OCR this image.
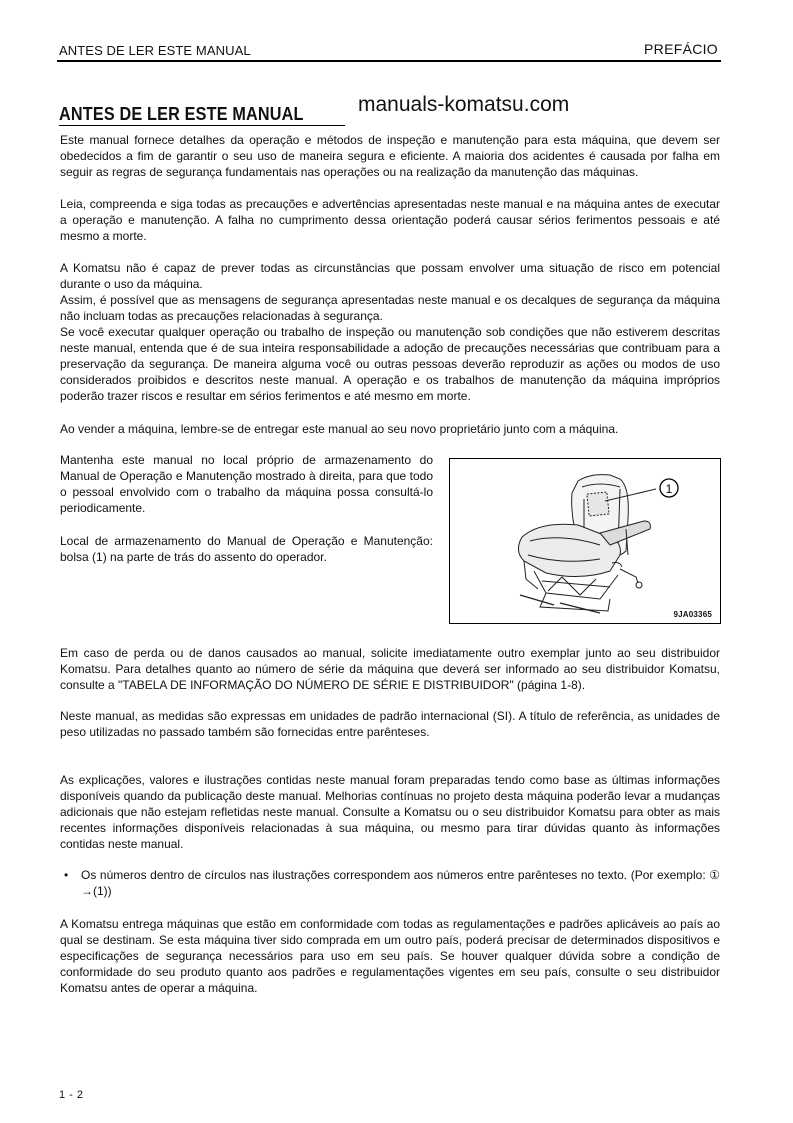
ANTES DE LER ESTE MANUAL	PREFÁCIO
ANTES DE LER ESTE MANUAL	manuals-komatsu.com

Este manual fornece detalhes da operação e métodos de inspeção e manutenção para esta máquina, que devem ser obedecidos a fim de garantir o seu uso de maneira segura e eficiente. A maioria dos acidentes é causada por falha em seguir as regras de segurança fundamentais nas operações ou na realização da manutenção das máquinas.

Leia, compreenda e siga todas as precauções e advertências apresentadas neste manual e na máquina antes de executar a operação e manutenção. A falha no cumprimento dessa orientação poderá causar sérios ferimentos pessoais e até mesmo a morte.

A Komatsu não é capaz de prever todas as circunstâncias que possam envolver uma situação de risco em potencial durante o uso da máquina.

Assim, é possível que as mensagens de segurança apresentadas neste manual e os decalques de segurança da máquina não incluam todas as precauções relacionadas à segurança.

Se você executar qualquer operação ou trabalho de inspeção ou manutenção sob condições que não estiverem descritas neste manual, entenda que é de sua inteira responsabilidade a adoção de precauções necessárias que contribuam para a preservação da segurança. De maneira alguma você ou outras pessoas deverão reproduzir as ações ou modos de uso considerados proibidos e descritos neste manual. A operação e os trabalhos de manutenção da máquina impróprios poderão trazer riscos e resultar em sérios ferimentos e até mesmo em morte.

Ao vender a máquina, lembre-se de entregar este manual ao seu novo proprietário junto com a máquina.

Mantenha este manual no local próprio de armazenamento do Manual de Operação e Manutenção mostrado à direita, para que todo o pessoal envolvido com o trabalho da máquina possa consultá-lo periodicamente.

Local de armazenamento do Manual de Operação e Manutenção: bolsa (1) na parte de trás do assento do operador.

1
9JA03365

Em caso de perda ou de danos causados ao manual, solicite imediatamente outro exemplar junto ao seu distribuidor Komatsu. Para detalhes quanto ao número de série da máquina que deverá ser informado ao seu distribuidor Komatsu, consulte a "TABELA DE INFORMAÇÃO DO NÚMERO DE SÉRIE E DISTRIBUIDOR" (página 1-8).

Neste manual, as medidas são expressas em unidades de padrão internacional (SI). A título de referência, as unidades de peso utilizadas no passado também são fornecidas entre parênteses.

As explicações, valores e ilustrações contidas neste manual foram preparadas tendo como base as últimas informações disponíveis quando da publicação deste manual. Melhorias contínuas no projeto desta máquina poderão levar a mudanças adicionais que não estejam refletidas neste manual. Consulte a Komatsu ou o seu distribuidor Komatsu para obter as mais recentes informações disponíveis relacionadas à sua máquina, ou mesmo para tirar dúvidas quanto às informações contidas neste manual.

• Os números dentro de círculos nas ilustrações correspondem aos números entre parênteses no texto. (Por exemplo: ① →(1))

A Komatsu entrega máquinas que estão em conformidade com todas as regulamentações e padrões aplicáveis ao país ao qual se destinam. Se esta máquina tiver sido comprada em um outro país, poderá precisar de determinados dispositivos e especificações de segurança necessários para uso em seu país. Se houver qualquer dúvida sobre a condição de conformidade do seu produto quanto aos padrões e regulamentações vigentes em seu país, consulte o seu distribuidor Komatsu antes de operar a máquina.

1 - 2
